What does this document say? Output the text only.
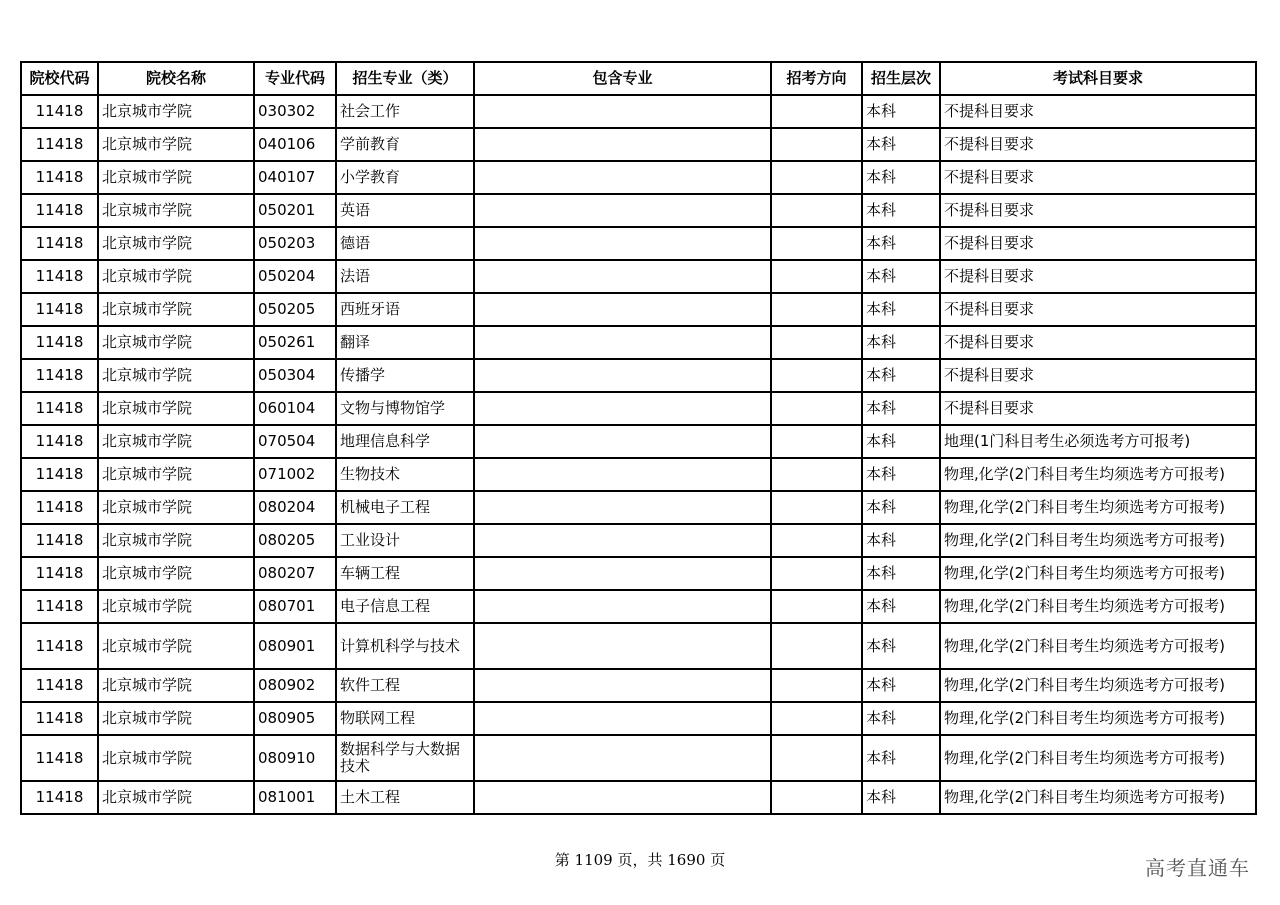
院校代码	院校名称	专业代码	招生专业（类）	包含专业	招考方向	招生层次	考试科目要求
11418	北京城市学院	030302	社会工作			本科	不提科目要求
11418	北京城市学院	040106	学前教育			本科	不提科目要求
11418	北京城市学院	040107	小学教育			本科	不提科目要求
11418	北京城市学院	050201	英语			本科	不提科目要求
11418	北京城市学院	050203	德语			本科	不提科目要求
11418	北京城市学院	050204	法语			本科	不提科目要求
11418	北京城市学院	050205	西班牙语			本科	不提科目要求
11418	北京城市学院	050261	翻译			本科	不提科目要求
11418	北京城市学院	050304	传播学			本科	不提科目要求
11418	北京城市学院	060104	文物与博物馆学			本科	不提科目要求
11418	北京城市学院	070504	地理信息科学			本科	地理(1门科目考生必须选考方可报考)
11418	北京城市学院	071002	生物技术			本科	物理,化学(2门科目考生均须选考方可报考)
11418	北京城市学院	080204	机械电子工程			本科	物理,化学(2门科目考生均须选考方可报考)
11418	北京城市学院	080205	工业设计			本科	物理,化学(2门科目考生均须选考方可报考)
11418	北京城市学院	080207	车辆工程			本科	物理,化学(2门科目考生均须选考方可报考)
11418	北京城市学院	080701	电子信息工程			本科	物理,化学(2门科目考生均须选考方可报考)
11418	北京城市学院	080901	计算机科学与技术			本科	物理,化学(2门科目考生均须选考方可报考)
11418	北京城市学院	080902	软件工程			本科	物理,化学(2门科目考生均须选考方可报考)
11418	北京城市学院	080905	物联网工程			本科	物理,化学(2门科目考生均须选考方可报考)
11418	北京城市学院	080910	数据科学与大数据技术			本科	物理,化学(2门科目考生均须选考方可报考)
11418	北京城市学院	081001	土木工程			本科	物理,化学(2门科目考生均须选考方可报考)
第 1109 页，共 1690 页	高考直通车
